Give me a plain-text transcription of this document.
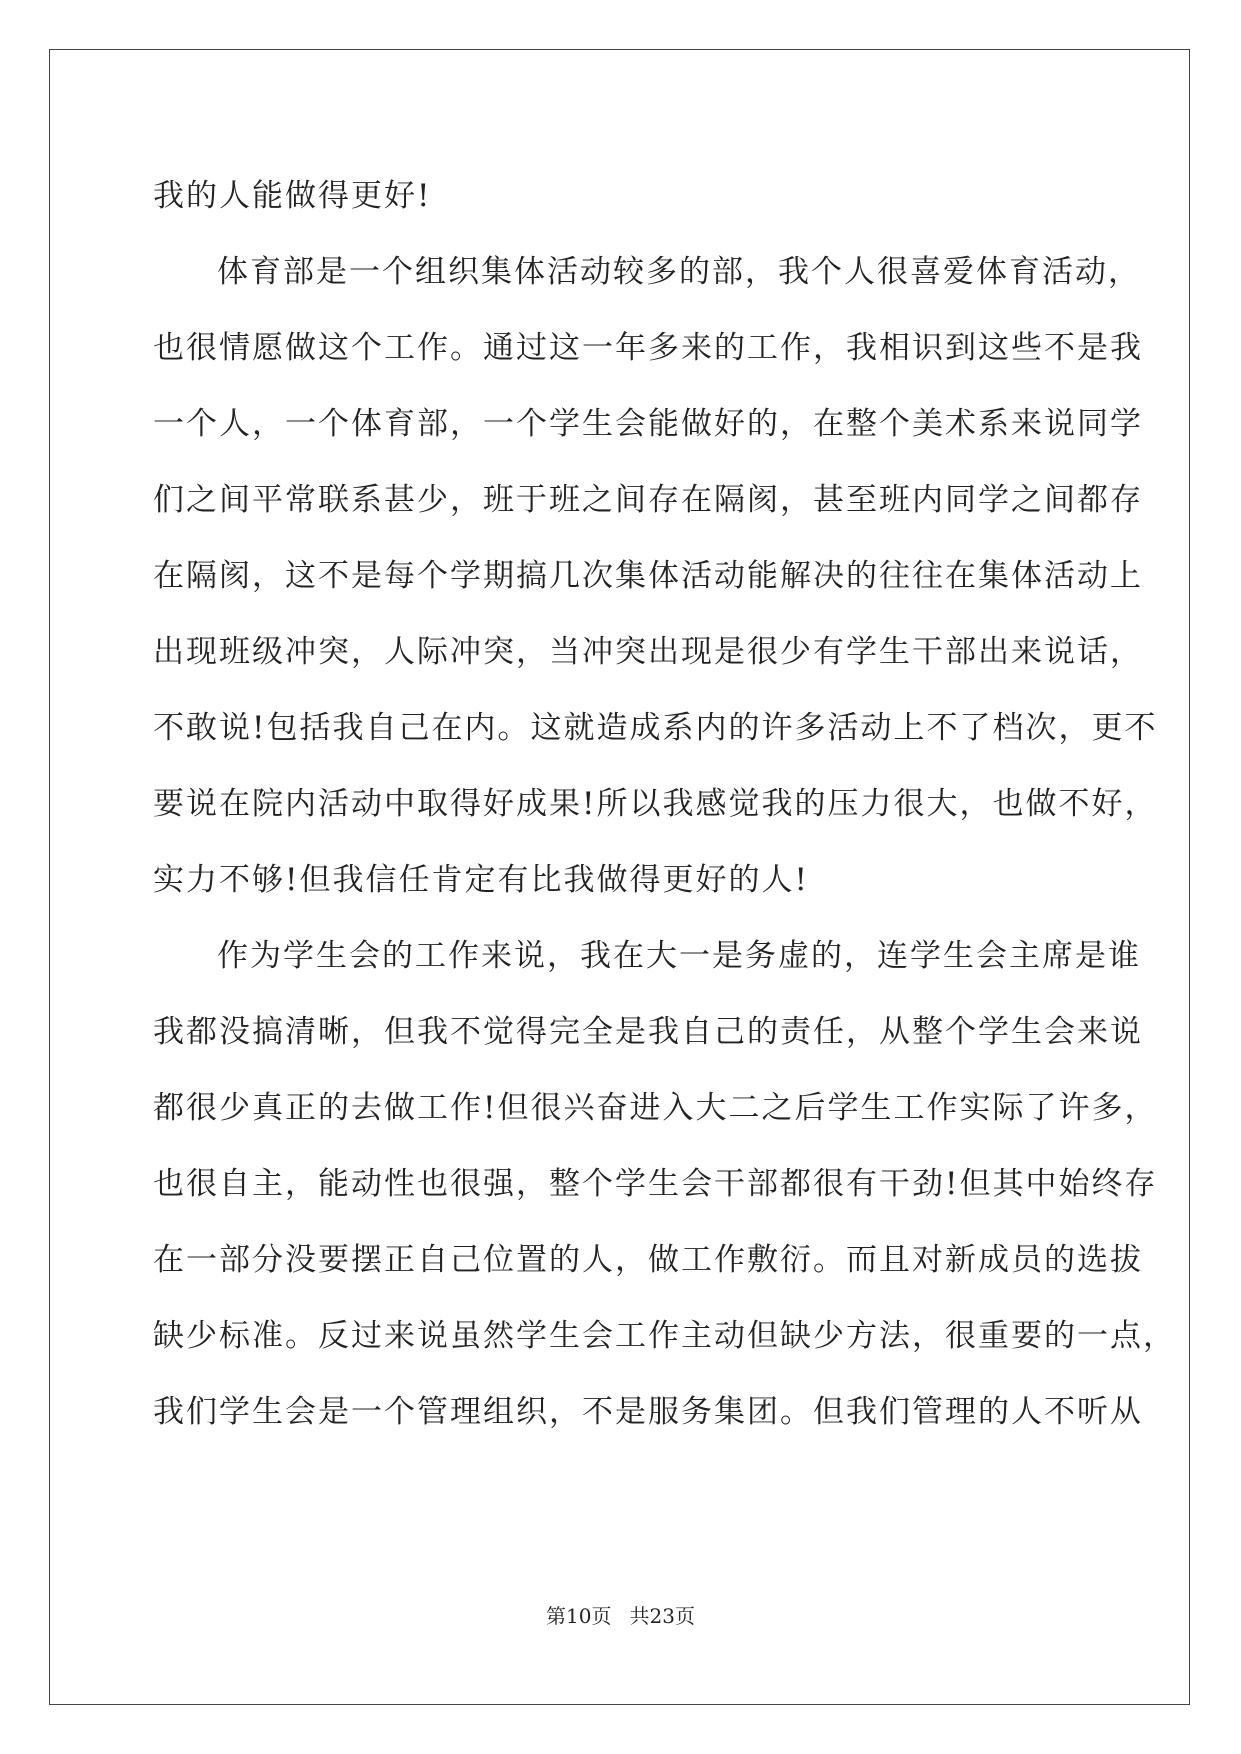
我的人能做得更好!

体育部是一个组织集体活动较多的部，我个人很喜爱体育活动，

也很情愿做这个工作。通过这一年多来的工作，我相识到这些不是我

一个人，一个体育部，一个学生会能做好的，在整个美术系来说同学

们之间平常联系甚少，班于班之间存在隔阂，甚至班内同学之间都存

在隔阂，这不是每个学期搞几次集体活动能解决的往往在集体活动上

出现班级冲突，人际冲突，当冲突出现是很少有学生干部出来说话，

不敢说!包括我自己在内。这就造成系内的许多活动上不了档次，更不

要说在院内活动中取得好成果!所以我感觉我的压力很大，也做不好，

实力不够!但我信任肯定有比我做得更好的人!

作为学生会的工作来说，我在大一是务虚的，连学生会主席是谁

我都没搞清晰，但我不觉得完全是我自己的责任，从整个学生会来说

都很少真正的去做工作!但很兴奋进入大二之后学生工作实际了许多，

也很自主，能动性也很强，整个学生会干部都很有干劲!但其中始终存

在一部分没要摆正自己位置的人，做工作敷衍。而且对新成员的选拔

缺少标准。反过来说虽然学生会工作主动但缺少方法，很重要的一点，

我们学生会是一个管理组织，不是服务集团。但我们管理的人不听从

第10页 共23页
